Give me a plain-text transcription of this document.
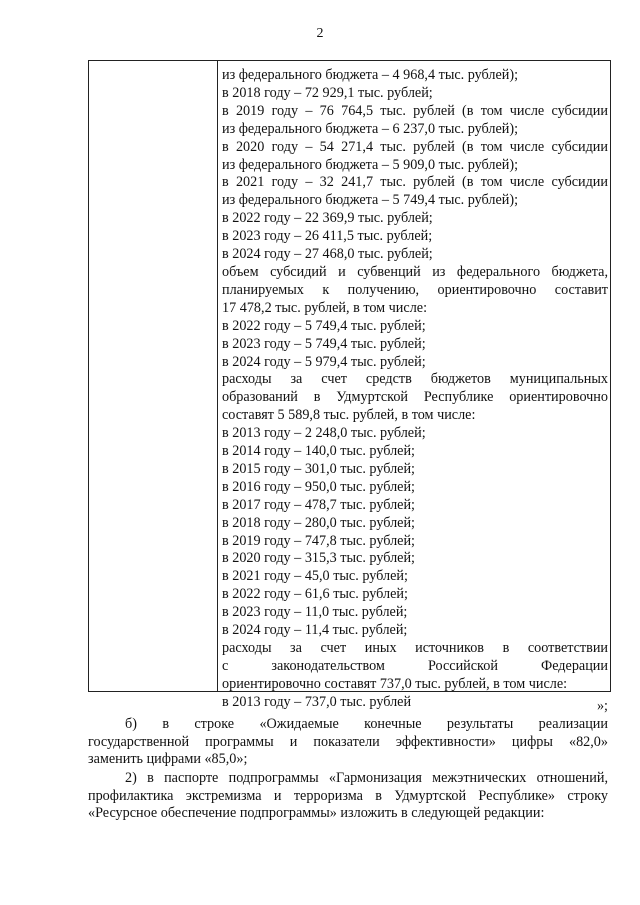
2
из федерального бюджета – 4 968,4 тыс. рублей);
в 2018 году – 72 929,1 тыс. рублей;
в 2019 году – 76 764,5 тыс. рублей (в том числе субсидии
из федерального бюджета – 6 237,0 тыс. рублей);
в 2020 году – 54 271,4 тыс. рублей (в том числе субсидии
из федерального бюджета – 5 909,0 тыс. рублей);
в 2021 году – 32 241,7 тыс. рублей (в том числе субсидии
из федерального бюджета – 5 749,4 тыс. рублей);
в 2022 году – 22 369,9 тыс. рублей;
в 2023 году – 26 411,5 тыс. рублей;
в 2024 году – 27 468,0 тыс. рублей;
объем субсидий и субвенций из федерального бюджета,
планируемых к получению, ориентировочно составит
17 478,2 тыс. рублей, в том числе:
в 2022 году – 5 749,4 тыс. рублей;
в 2023 году – 5 749,4 тыс. рублей;
в 2024 году – 5 979,4 тыс. рублей;
расходы за счет средств бюджетов муниципальных
образований в Удмуртской Республике ориентировочно
составят 5 589,8 тыс. рублей, в том числе:
в 2013 году – 2 248,0 тыс. рублей;
в 2014 году – 140,0 тыс. рублей;
в 2015 году – 301,0 тыс. рублей;
в 2016 году – 950,0 тыс. рублей;
в 2017 году – 478,7 тыс. рублей;
в 2018 году – 280,0 тыс. рублей;
в 2019 году – 747,8 тыс. рублей;
в 2020 году – 315,3 тыс. рублей;
в 2021 году – 45,0 тыс. рублей;
в 2022 году – 61,6 тыс. рублей;
в 2023 году – 11,0 тыс. рублей;
в 2024 году – 11,4 тыс. рублей;
расходы за счет иных источников в соответствии
с законодательством Российской Федерации
ориентировочно составят 737,0 тыс. рублей, в том числе:
в 2013 году – 737,0 тыс. рублей	»;
б) в строке «Ожидаемые конечные результаты реализации
государственной программы и показатели эффективности» цифры «82,0»
заменить цифрами «85,0»;
2) в паспорте подпрограммы «Гармонизация межэтнических отношений,
профилактика экстремизма и терроризма в Удмуртской Республике» строку
«Ресурсное обеспечение подпрограммы» изложить в следующей редакции:
